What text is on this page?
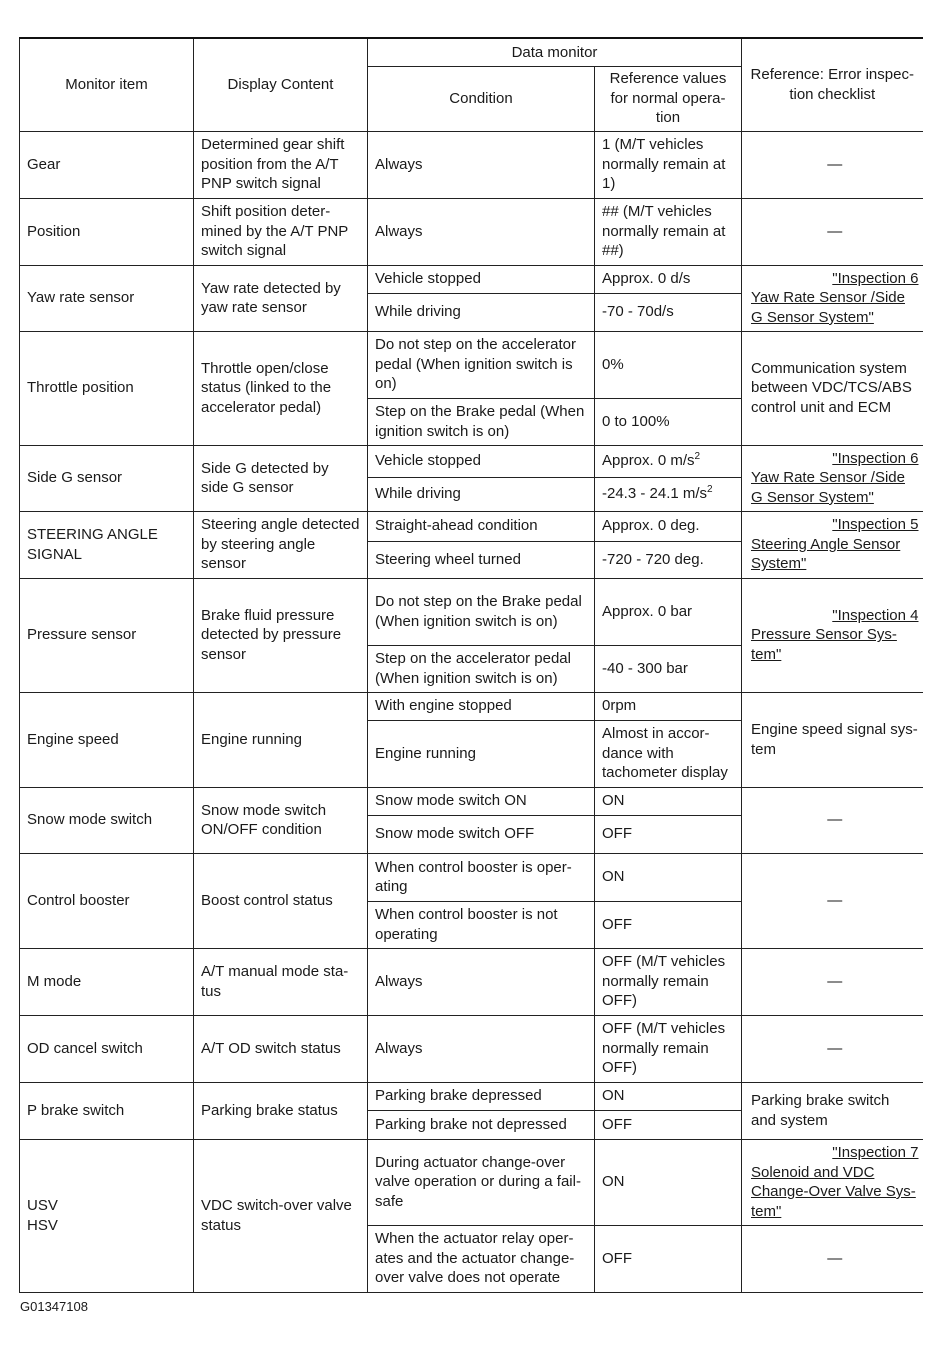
Monitor item	Display Content	Data monitor		Reference: Error inspec-tion checklist
		Condition	Reference values for normal opera-tion	
Gear	Determined gear shift position from the A/T PNP switch signal	Always	1 (M/T vehicles normally remain at 1)	—
Position	Shift position deter-mined by the A/T PNP switch signal	Always	## (M/T vehicles normally remain at ##)	—
Yaw rate sensor	Yaw rate detected by yaw rate sensor	Vehicle stopped	Approx. 0 d/s	"Inspection 6
Yaw Rate Sensor /Side G Sensor System"

		While driving	-70 - 70d/s	
Throttle position	Throttle open/close status (linked to the accelerator pedal)	Do not step on the accelerator pedal (When ignition switch is on)	0%	Communication system between VDC/TCS/ABS control unit and ECM
		Step on the Brake pedal (When ignition switch is on)	0 to 100%	
Side G sensor	Side G detected by side G sensor	Vehicle stopped	Approx. 0 $m/s^2$	"Inspection 6
Yaw Rate Sensor /Side G Sensor System"

		While driving	-24.3 - 24.1 $m/s^2$
STEERING ANGLE SIGNAL	Steering angle detected by steering angle sensor	Straight-ahead condition	Approx. 0 deg.	"Inspection 5
Steering Angle Sensor System"

		Steering wheel turned	-720 - 720 deg.	
Pressure sensor	Brake fluid pressure detected by pressure sensor	Do not step on the Brake pedal (When ignition switch is on)	Approx. 0 bar	"Inspection 4
Pressure Sensor Sys-tem"

		Step on the accelerator pedal (When ignition switch is on)	-40 - 300 bar	
Engine speed	Engine running	With engine stopped	0rpm	Engine speed signal sys-tem
		Engine running	Almost in accor-dance with tachometer display	
Snow mode switch	Snow mode switch ON/OFF condition	Snow mode switch ON	ON	—
		Snow mode switch OFF	OFF	
Control booster	Boost control status	When control booster is oper-ating	ON	—
		When control booster is not operating	OFF	
M mode	A/T manual mode sta-tus	Always	OFF (M/T vehicles normally remain OFF)	—
OD cancel switch	A/T OD switch status	Always	OFF (M/T vehicles normally remain OFF)	—
P brake switch	Parking brake status	Parking brake depressed	ON	Parking brake switch and system
		Parking brake not depressed	OFF	
USV
HSV	VDC switch-over valve status	During actuator change-over valve operation or during a fail-safe	ON	"Inspection 7
Solenoid and VDC Change-Over Valve Sys-tem"

		When the actuator relay oper-ates and the actuator change-over valve does not operate	OFF	—
G01347108
